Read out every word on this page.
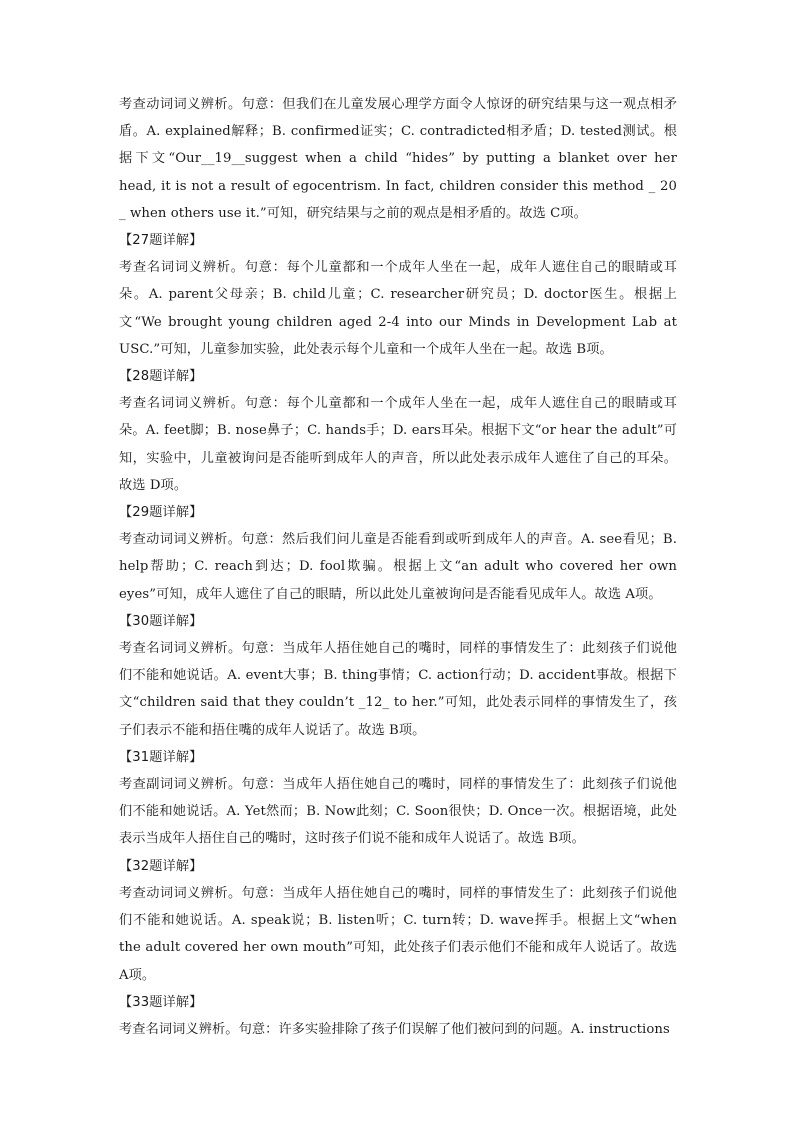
考查动词词义辨析。句意：但我们在儿童发展心理学方面令人惊讶的研究结果与这一观点相矛盾。A. explained解释；B. confirmed证实；C. contradicted相矛盾；D. tested测试。根据下文“Our__19__suggest when a child “hides” by putting a blanket over her head, it is not a result of egocentrism. In fact, children consider this method _ 20 _ when others use it.”可知，研究结果与之前的观点是相矛盾的。故选 C项。

【27题详解】

考查名词词义辨析。句意：每个儿童都和一个成年人坐在一起，成年人遮住自己的眼睛或耳朵。A. parent父母亲；B. child儿童；C. researcher研究员；D. doctor医生。根据上文“We brought young children aged 2-4 into our Minds in Development Lab at USC.”可知，儿童参加实验，此处表示每个儿童和一个成年人坐在一起。故选 B项。

【28题详解】

考查名词词义辨析。句意：每个儿童都和一个成年人坐在一起，成年人遮住自己的眼睛或耳朵。A. feet脚；B. nose鼻子；C. hands手；D. ears耳朵。根据下文“or hear the adult”可知，实验中，儿童被询问是否能听到成年人的声音，所以此处表示成年人遮住了自己的耳朵。故选 D项。

【29题详解】

考查动词词义辨析。句意：然后我们问儿童是否能看到或听到成年人的声音。A. see看见；B. help帮助；C. reach到达；D. fool欺骗。根据上文“an adult who covered her own eyes”可知，成年人遮住了自己的眼睛，所以此处儿童被询问是否能看见成年人。故选 A项。

【30题详解】

考查名词词义辨析。句意：当成年人捂住她自己的嘴时，同样的事情发生了：此刻孩子们说他们不能和她说话。A. event大事；B. thing事情；C. action行动；D. accident事故。根据下文“children said that they couldn’t _12_ to her.”可知，此处表示同样的事情发生了，孩子们表示不能和捂住嘴的成年人说话了。故选 B项。

【31题详解】

考查副词词义辨析。句意：当成年人捂住她自己的嘴时，同样的事情发生了：此刻孩子们说他们不能和她说话。A. Yet然而；B. Now此刻；C. Soon很快；D. Once一次。根据语境，此处表示当成年人捂住自己的嘴时，这时孩子们说不能和成年人说话了。故选 B项。

【32题详解】

考查动词词义辨析。句意：当成年人捂住她自己的嘴时，同样的事情发生了：此刻孩子们说他们不能和她说话。A. speak说；B. listen听；C. turn转；D. wave挥手。根据上文“when the adult covered her own mouth”可知，此处孩子们表示他们不能和成年人说话了。故选 A项。

【33题详解】

考查名词词义辨析。句意：许多实验排除了孩子们误解了他们被问到的问题。A. instructions
